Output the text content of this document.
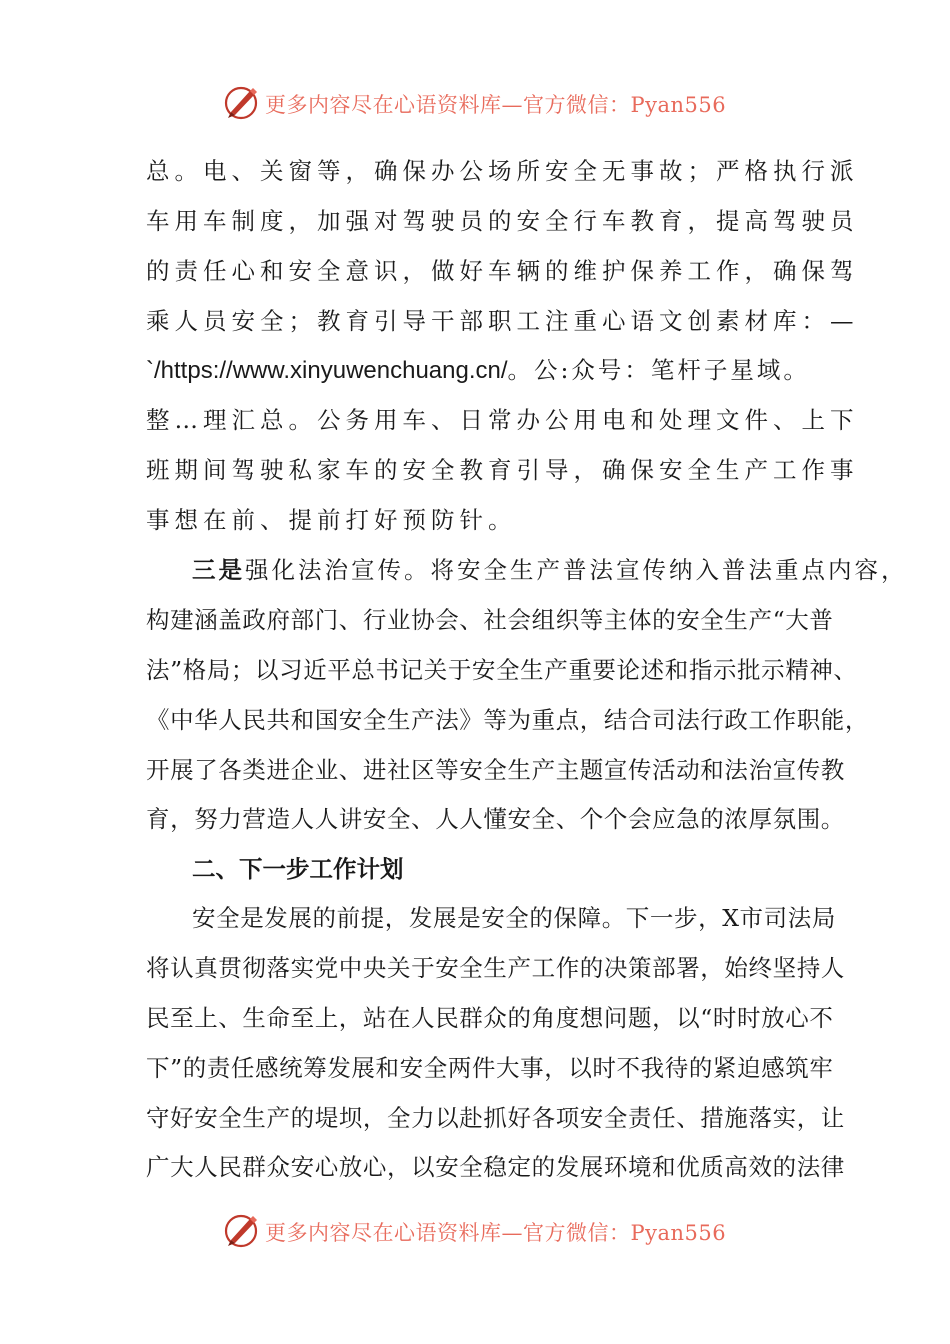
更多内容尽在心语资料库—官方微信：Pyan556
总。电、关窗等，确保办公场所安全无事故；严格执行派
车用车制度，加强对驾驶员的安全行车教育，提高驾驶员
的责任心和安全意识，做好车辆的维护保养工作，确保驾
乘人员安全；教育引导干部职工注重心语文创素材库：—
`/https://www.xinyuwenchuang.cn/。公:众号：笔杆子星域。
整…理汇总。公务用车、日常办公用电和处理文件、上下
班期间驾驶私家车的安全教育引导，确保安全生产工作事
事想在前、提前打好预防针。
三是强化法治宣传。将安全生产普法宣传纳入普法重点内容，
构建涵盖政府部门、行业协会、社会组织等主体的安全生产“大普
法”格局；以习近平总书记关于安全生产重要论述和指示批示精神、
《中华人民共和国安全生产法》等为重点，结合司法行政工作职能，
开展了各类进企业、进社区等安全生产主题宣传活动和法治宣传教
育，努力营造人人讲安全、人人懂安全、个个会应急的浓厚氛围。
二、下一步工作计划
安全是发展的前提，发展是安全的保障。下一步，X市司法局
将认真贯彻落实党中央关于安全生产工作的决策部署，始终坚持人
民至上、生命至上，站在人民群众的角度想问题，以“时时放心不
下”的责任感统筹发展和安全两件大事，以时不我待的紧迫感筑牢
守好安全生产的堤坝，全力以赴抓好各项安全责任、措施落实，让
广大人民群众安心放心，以安全稳定的发展环境和优质高效的法律
更多内容尽在心语资料库—官方微信：Pyan556
